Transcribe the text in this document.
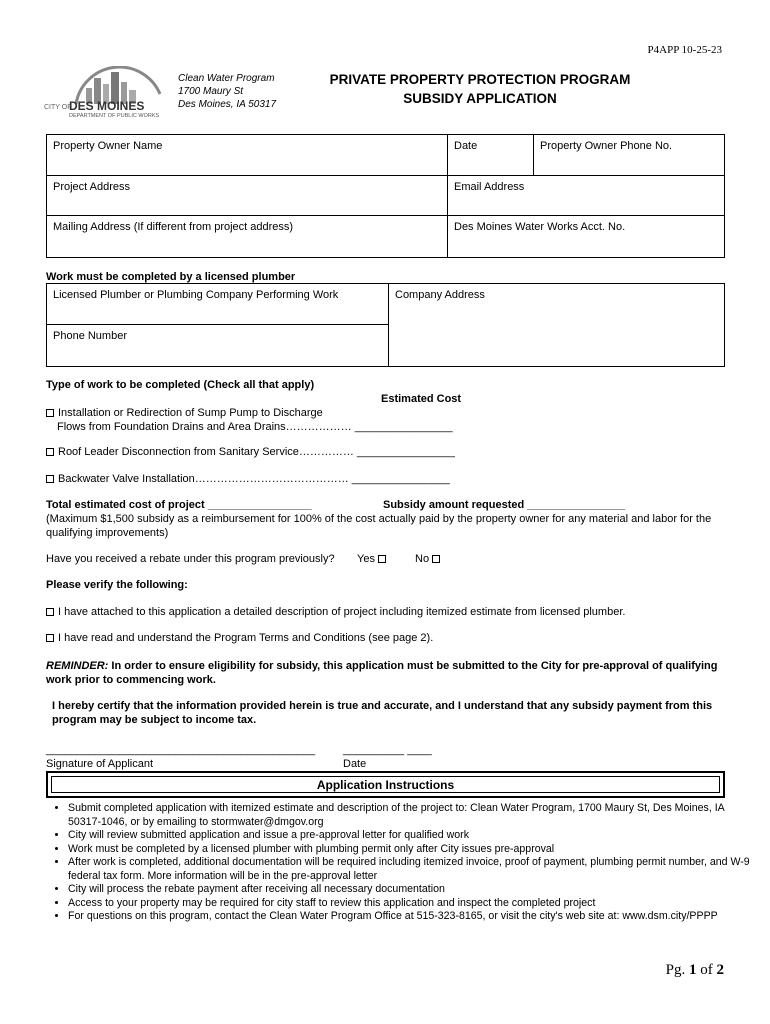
P4APP 10-25-23
CITY OF
DES MOINES
DEPARTMENT OF PUBLIC WORKS
Clean Water Program
1700 Maury St
Des Moines, IA 50317
PRIVATE PROPERTY PROTECTION PROGRAM
SUBSIDY APPLICATION
Property Owner Name	Date	Property Owner Phone No.
Project Address	Email Address
Mailing Address (If different from project address)	Des Moines Water Works Acct. No.
Work must be completed by a licensed plumber
Licensed Plumber or Plumbing Company Performing Work	Company Address
Phone Number
Type of work to be completed (Check all that apply)
Estimated Cost
Installation or Redirection of Sump Pump to Discharge
Flows from Foundation Drains and Area Drains……………… ________________
Roof Leader Disconnection from Sanitary Service…………… ________________
Backwater Valve Installation…………………………………… ________________
Total estimated cost of project _________________	Subsidy amount requested ________________
(Maximum $1,500 subsidy as a reimbursement for 100% of the cost actually paid by the property owner for any material and labor for the qualifying improvements)
Have you received a rebate under this program previously? Yes	No
Please verify the following:
I have attached to this application a detailed description of project including itemized estimate from licensed plumber.
I have read and understand the Program Terms and Conditions (see page 2).
REMINDER: In order to ensure eligibility for subsidy, this application must be submitted to the City for pre-approval of qualifying work prior to commencing work.
I hereby certify that the information provided herein is true and accurate, and I understand that any subsidy payment from this program may be subject to income tax.
____________________________________________
Signature of Applicant
__________ ____
Date
Application Instructions
• Submit completed application with itemized estimate and description of the project to: Clean Water Program, 1700 Maury St, Des Moines, IA 50317-1046, or by emailing to stormwater@dmgov.org
• City will review submitted application and issue a pre-approval letter for qualified work
• Work must be completed by a licensed plumber with plumbing permit only after City issues pre-approval
• After work is completed, additional documentation will be required including itemized invoice, proof of payment, plumbing permit number, and W-9 federal tax form. More information will be in the pre-approval letter
• City will process the rebate payment after receiving all necessary documentation
• Access to your property may be required for city staff to review this application and inspect the completed project
• For questions on this program, contact the Clean Water Program Office at 515-323-8165, or visit the city's web site at: www.dsm.city/PPPP
Pg. 1 of 2
